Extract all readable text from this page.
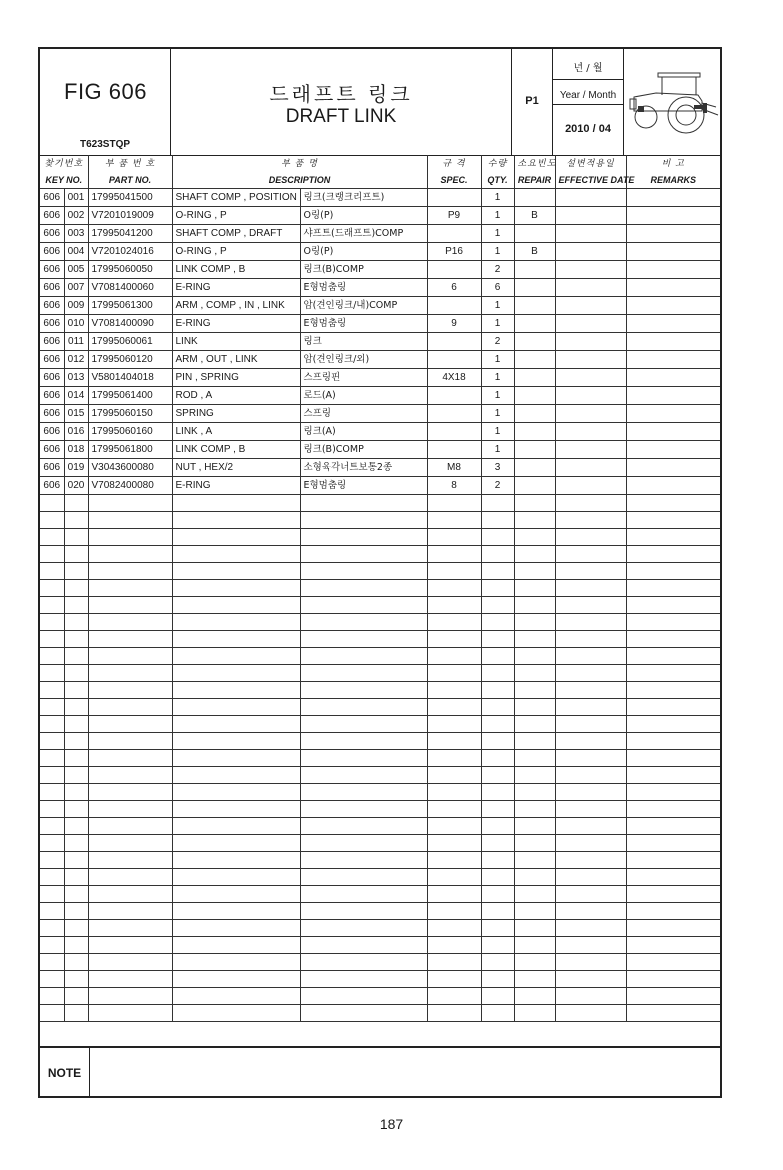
FIG 606
T623STQP
드래프트 링크
DRAFT LINK
P1
년 / 월
Year / Month
2010 / 04
찾기번호		부 품 번 호	부 품 명		규 격	수량	소요빈도	설변적용일	비 고
KEY NO.		PART NO.	DESCRIPTION		SPEC.	QTY.	REPAIR	EFFECTIVE DATE	REMARKS
606	001	17995041500	SHAFT COMP , POSITION	링크(크랭크리프트)		1			
606	002	V7201019009	O-RING , P	O링(P)	P9	1	B		
606	003	17995041200	SHAFT COMP , DRAFT	샤프트(드래프트)COMP		1			
606	004	V7201024016	O-RING , P	O링(P)	P16	1	B		
606	005	17995060050	LINK COMP , B	링크(B)COMP		2			
606	007	V7081400060	E-RING	E형멈춤링	6	6			
606	009	17995061300	ARM , COMP , IN , LINK	암(견인링크/내)COMP		1			
606	010	V7081400090	E-RING	E형멈춤링	9	1			
606	011	17995060061	LINK	링크		2			
606	012	17995060120	ARM , OUT , LINK	암(견인링크/외)		1			
606	013	V5801404018	PIN , SPRING	스프링핀	4X18	1			
606	014	17995061400	ROD , A	로드(A)		1			
606	015	17995060150	SPRING	스프링		1			
606	016	17995060160	LINK , A	링크(A)		1			
606	018	17995061800	LINK COMP , B	링크(B)COMP		1			
606	019	V3043600080	NUT , HEX/2	소형육각너트보통2종	M8	3			
606	020	V7082400080	E-RING	E형멈춤링	8	2			

NOTE
187
